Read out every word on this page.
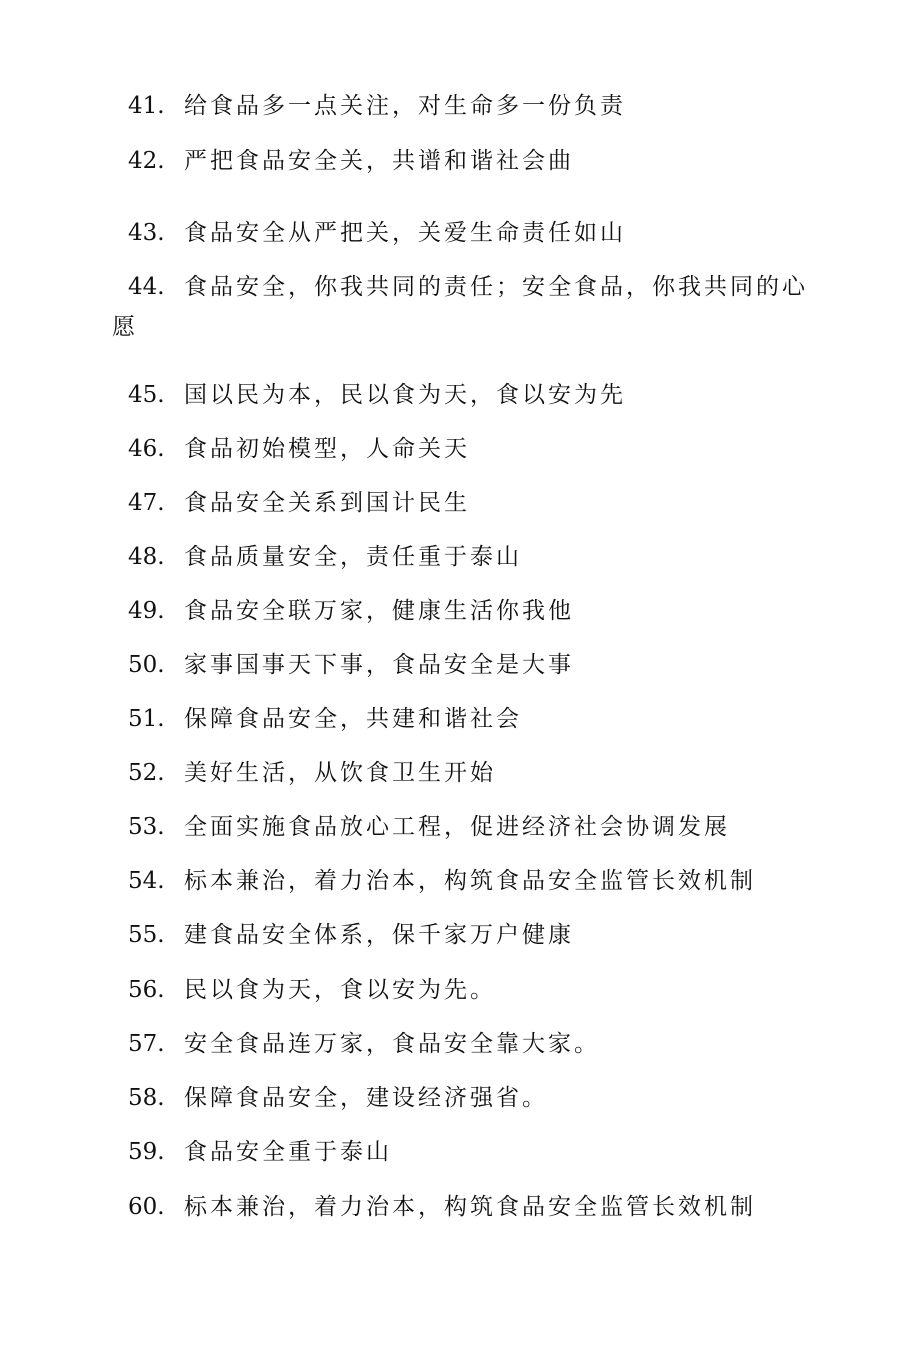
41. 给食品多一点关注，对生命多一份负责
42. 严把食品安全关，共谱和谐社会曲
43. 食品安全从严把关，关爱生命责任如山
44. 食品安全，你我共同的责任；安全食品，你我共同的心
愿
45. 国以民为本，民以食为天，食以安为先
46. 食品初始模型，人命关天
47. 食品安全关系到国计民生
48. 食品质量安全，责任重于泰山
49. 食品安全联万家，健康生活你我他
50. 家事国事天下事，食品安全是大事
51. 保障食品安全，共建和谐社会
52. 美好生活，从饮食卫生开始
53. 全面实施食品放心工程，促进经济社会协调发展
54. 标本兼治，着力治本，构筑食品安全监管长效机制
55. 建食品安全体系，保千家万户健康
56. 民以食为天，食以安为先。
57. 安全食品连万家，食品安全靠大家。
58. 保障食品安全，建设经济强省。
59. 食品安全重于泰山
60. 标本兼治，着力治本，构筑食品安全监管长效机制
